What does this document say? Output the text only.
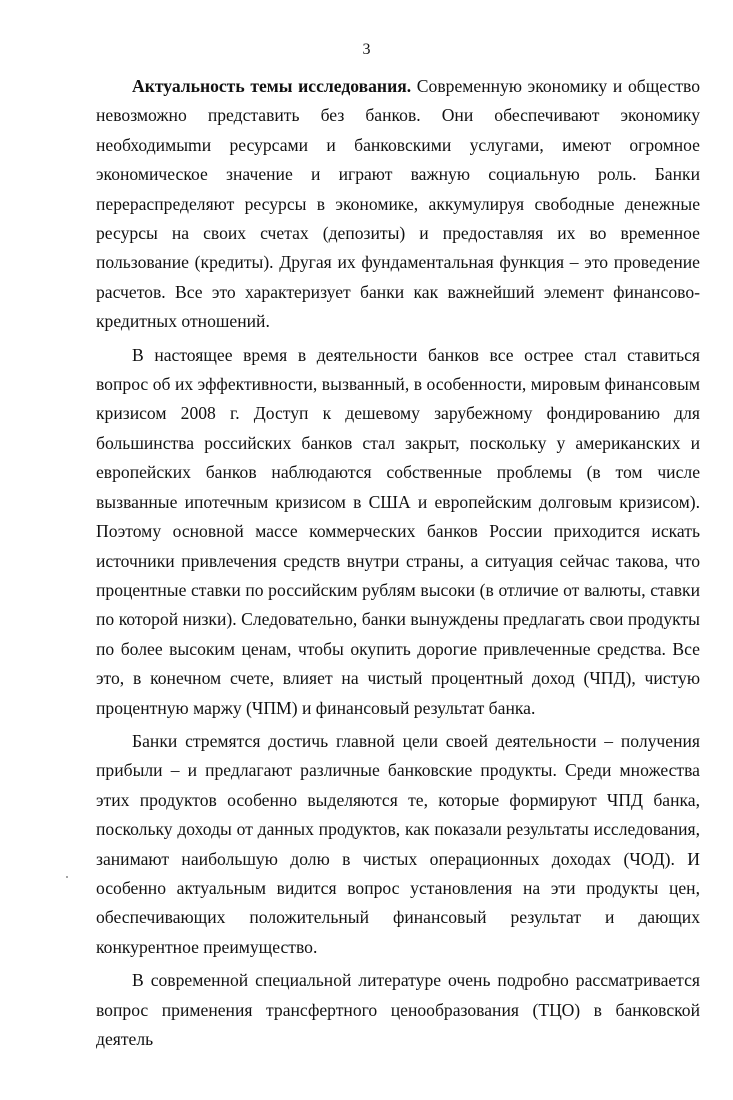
3

Актуальность темы исследования. Современную экономику и общество невозможно представить без банков. Они обеспечивают экономику необходимыmи ресурсами и банковскими услугами, имеют огромное экономическое значение и играют важную социальную роль. Банки перераспределяют ресурсы в экономике, аккумулируя свободные денежные ресурсы на своих счетах (депозиты) и предоставляя их во временное пользование (кредиты). Другая их фундаментальная функция – это проведение расчетов. Все это характеризует банки как важнейший элемент финансово-кредитных отношений.

В настоящее время в деятельности банков все острее стал ставиться вопрос об их эффективности, вызванный, в особенности, мировым финансовым кризисом 2008 г. Доступ к дешевому зарубежному фондированию для большинства российских банков стал закрыт, поскольку у американских и европейских банков наблюдаются собственные проблемы (в том числе вызванные ипотечным кризисом в США и европейским долговым кризисом). Поэтому основной массе коммерческих банков России приходится искать источники привлечения средств внутри страны, а ситуация сейчас такова, что процентные ставки по российским рублям высоки (в отличие от валюты, ставки по которой низки). Следовательно, банки вынуждены предлагать свои продукты по более высоким ценам, чтобы окупить дорогие привлеченные средства. Все это, в конечном счете, влияет на чистый процентный доход (ЧПД), чистую процентную маржу (ЧПМ) и финансовый результат банка.

Банки стремятся достичь главной цели своей деятельности – получения прибыли – и предлагают различные банковские продукты. Среди множества этих продуктов особенно выделяются те, которые формируют ЧПД банка, поскольку доходы от данных продуктов, как показали результаты исследования, занимают наибольшую долю в чистых операционных доходах (ЧОД). И особенно актуальным видится вопрос установления на эти продукты цен, обеспечивающих положительный финансовый результат и дающих конкурентное преимущество.

В современной специальной литературе очень подробно рассматривается вопрос применения трансфертного ценообразования (ТЦО) в банковской деятель
